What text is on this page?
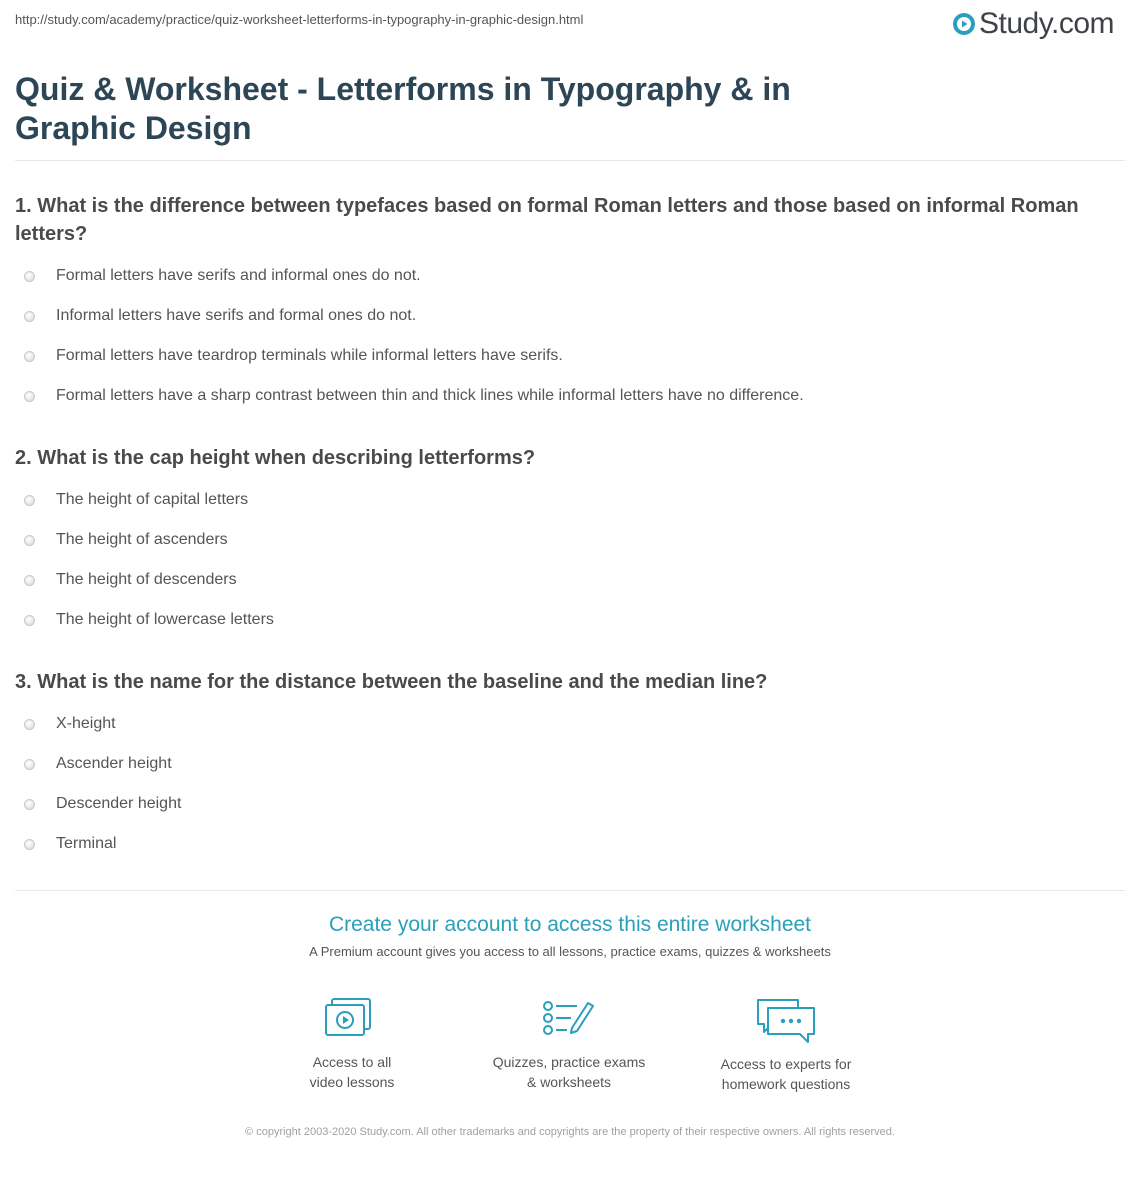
http://study.com/academy/practice/quiz-worksheet-letterforms-in-typography-in-graphic-design.html	Study.com
Quiz & Worksheet - Letterforms in Typography & in Graphic Design
1. What is the difference between typefaces based on formal Roman letters and those based on informal Roman letters?
Formal letters have serifs and informal ones do not.
Informal letters have serifs and formal ones do not.
Formal letters have teardrop terminals while informal letters have serifs.
Formal letters have a sharp contrast between thin and thick lines while informal letters have no difference.
2. What is the cap height when describing letterforms?
The height of capital letters
The height of ascenders
The height of descenders
The height of lowercase letters
3. What is the name for the distance between the baseline and the median line?
X-height
Ascender height
Descender height
Terminal
Create your account to access this entire worksheet
A Premium account gives you access to all lessons, practice exams, quizzes & worksheets
Access to all
video lessons
Quizzes, practice exams
& worksheets
Access to experts for
homework questions
© copyright 2003-2020 Study.com. All other trademarks and copyrights are the property of their respective owners. All rights reserved.
